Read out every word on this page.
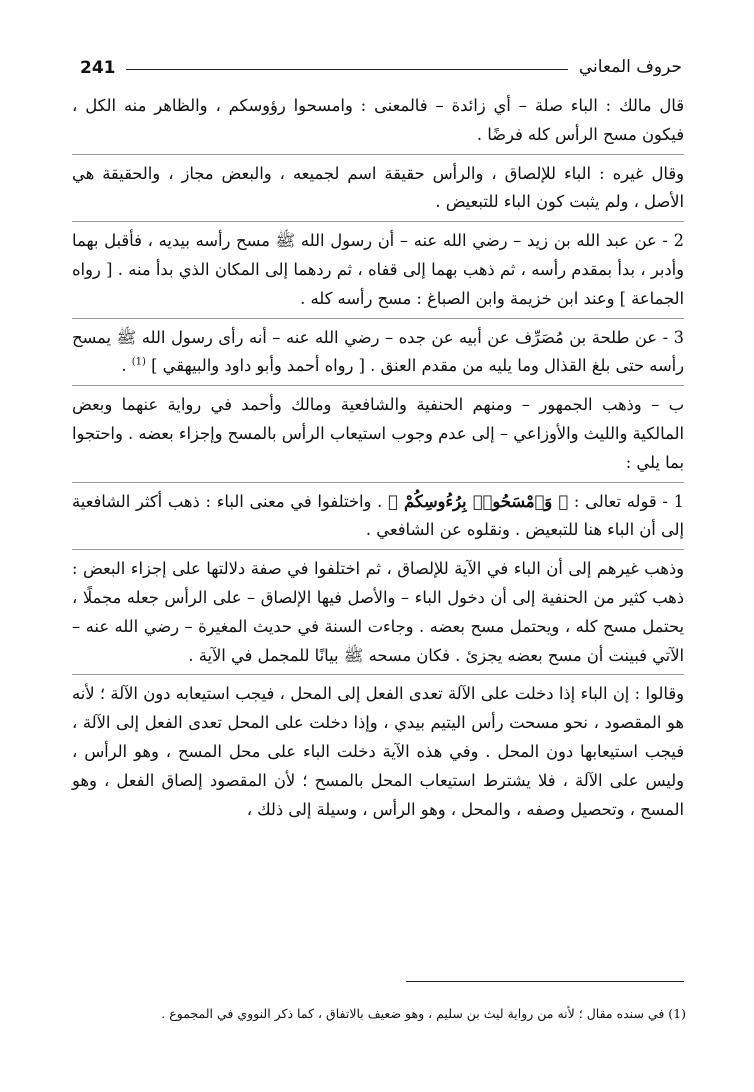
241	حروف المعاني

قال مالك : الباء صلة – أي زائدة – فالمعنى : وامسحوا رؤوسكم ، والظاهر منه الكل ، فيكون مسح الرأس كله فرضًا .

وقال غيره : الباء للإلصاق ، والرأس حقيقة اسم لجميعه ، والبعض مجاز ، والحقيقة هي الأصل ، ولم يثبت كون الباء للتبعيض .

2 - عن عبد الله بن زيد – رضي الله عنه – أن رسول الله ﷺ مسح رأسه بيديه ، فأقبل بهما وأدبر ، بدأ بمقدم رأسه ، ثم ذهب بهما إلى قفاه ، ثم ردهما إلى المكان الذي بدأ منه . [ رواه الجماعة ] وعند ابن خزيمة وابن الصباغ : مسح رأسه كله .

3 - عن طلحة بن مُصَرِّف عن أبيه عن جده – رضي الله عنه – أنه رأى رسول الله ﷺ يمسح رأسه حتى بلغ القذال وما يليه من مقدم العنق . [ رواه أحمد وأبو داود والبيهقي ] $^{(1)}$ .

ب – وذهب الجمهور – ومنهم الحنفية والشافعية ومالك وأحمد في رواية عنهما وبعض المالكية والليث والأوزاعي – إلى عدم وجوب استيعاب الرأس بالمسح وإجزاء بعضه . واحتجوا بما يلي :

1 - قوله تعالى : ﴿ وَٱمْسَحُوا۟ بِرُءُوسِكُمْ ﴾ . واختلفوا في معنى الباء : ذهب أكثر الشافعية إلى أن الباء هنا للتبعيض . ونقلوه عن الشافعي .

وذهب غيرهم إلى أن الباء في الآية للإلصاق ، ثم اختلفوا في صفة دلالتها على إجزاء البعض : ذهب كثير من الحنفية إلى أن دخول الباء – والأصل فيها الإلصاق – على الرأس جعله مجملًا ، يحتمل مسح كله ، ويحتمل مسح بعضه . وجاءت السنة في حديث المغيرة – رضي الله عنه – الآتي فبينت أن مسح بعضه يجزئ . فكان مسحه ﷺ بيانًا للمجمل في الآية .

وقالوا : إن الباء إذا دخلت على الآلة تعدى الفعل إلى المحل ، فيجب استيعابه دون الآلة ؛ لأنه هو المقصود ، نحو مسحت رأس اليتيم بيدي ، وإذا دخلت على المحل تعدى الفعل إلى الآلة ، فيجب استيعابها دون المحل . وفي هذه الآية دخلت الباء على محل المسح ، وهو الرأس ، وليس على الآلة ، فلا يشترط استيعاب المحل بالمسح ؛ لأن المقصود إلصاق الفعل ، وهو المسح ، وتحصيل وصفه ، والمحل ، وهو الرأس ، وسيلة إلى ذلك ،

(1) في سنده مقال ؛ لأنه من رواية ليث بن سليم ، وهو ضعيف بالاتفاق ، كما ذكر النووي في المجموع .
